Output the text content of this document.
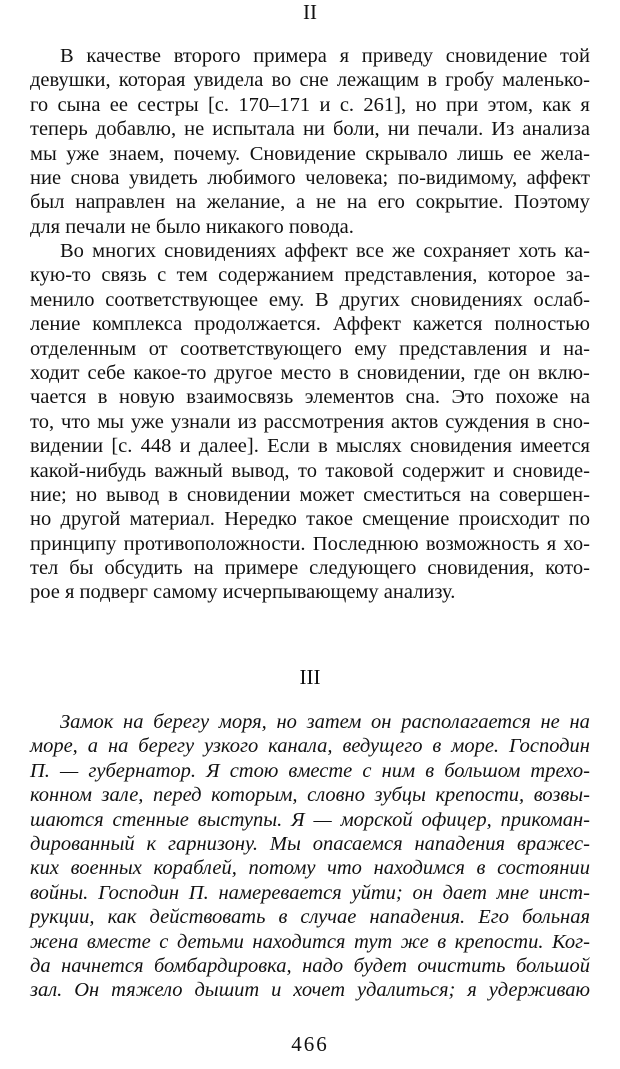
II
В качестве второго примера я приведу сновидение той
девушки, которая увидела во сне лежащим в гробу маленько-
го сына ее сестры [с. 170–171 и с. 261], но при этом, как я
теперь добавлю, не испытала ни боли, ни печали. Из анализа
мы уже знаем, почему. Сновидение скрывало лишь ее жела-
ние снова увидеть любимого человека; по-видимому, аффект
был направлен на желание, а не на его сокрытие. Поэтому
для печали не было никакого повода.
Во многих сновидениях аффект все же сохраняет хоть ка-
кую-то связь с тем содержанием представления, которое за-
менило соответствующее ему. В других сновидениях ослаб-
ление комплекса продолжается. Аффект кажется полностью
отделенным от соответствующего ему представления и на-
ходит себе какое-то другое место в сновидении, где он вклю-
чается в новую взаимосвязь элементов сна. Это похоже на
то, что мы уже узнали из рассмотрения актов суждения в сно-
видении [с. 448 и далее]. Если в мыслях сновидения имеется
какой-нибудь важный вывод, то таковой содержит и сновиде-
ние; но вывод в сновидении может сместиться на совершен-
но другой материал. Нередко такое смещение происходит по
принципу противоположности. Последнюю возможность я хо-
тел бы обсудить на примере следующего сновидения, кото-
рое я подверг самому исчерпывающему анализу.
III
Замок на берегу моря, но затем он располагается не на
море, а на берегу узкого канала, ведущего в море. Господин
П. — губернатор. Я стою вместе с ним в большом трехо-
конном зале, перед которым, словно зубцы крепости, возвы-
шаются стенные выступы. Я — морской офицер, прикоман-
дированный к гарнизону. Мы опасаемся нападения вражес-
ких военных кораблей, потому что находимся в состоянии
войны. Господин П. намеревается уйти; он дает мне инст-
рукции, как действовать в случае нападения. Его больная
жена вместе с детьми находится тут же в крепости. Ког-
да начнется бомбардировка, надо будет очистить большой
зал. Он тяжело дышит и хочет удалиться; я удерживаю
466
